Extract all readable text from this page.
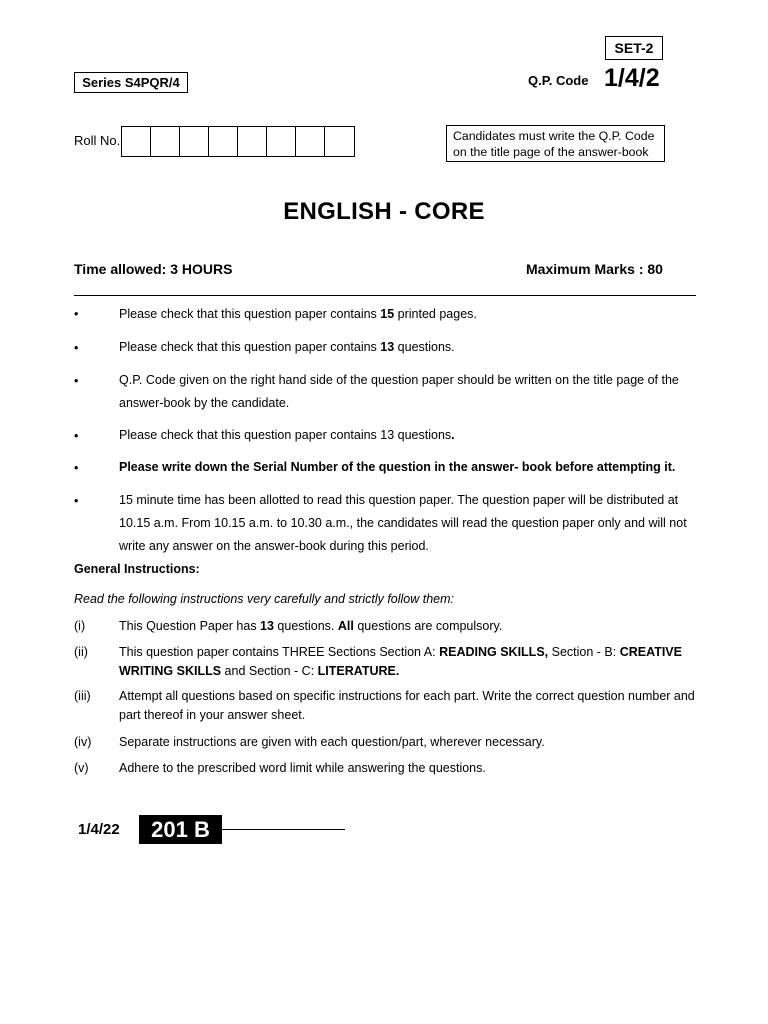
SET-2
Series S4PQR/4	Q.P. Code 1/4/2
Roll No.	Candidates must write the Q.P. Code on the title page of the answer-book
ENGLISH - CORE
Time allowed: 3 HOURS	Maximum Marks : 80
•	Please check that this question paper contains 15 printed pages.
•	Please check that this question paper contains 13 questions.
•	Q.P. Code given on the right hand side of the question paper should be written on the title page of the answer-book by the candidate.
•	Please check that this question paper contains 13 questions.
•	Please write down the Serial Number of the question in the answer- book before attempting it.
•	15 minute time has been allotted to read this question paper. The question paper will be distributed at 10.15 a.m. From 10.15 a.m. to 10.30 a.m., the candidates will read the question paper only and will not write any answer on the answer-book during this period.
General Instructions:
Read the following instructions very carefully and strictly follow them:
(i)	This Question Paper has 13 questions. All questions are compulsory.
(ii) This question paper contains THREE Sections Section A: READING SKILLS, Section - B: CREATIVE WRITING SKILLS and Section - C: LITERATURE.
(iii) Attempt all questions based on specific instructions for each part. Write the correct question number and part thereof in your answer sheet.
(iv) Separate instructions are given with each question/part, wherever necessary.
(v) Adhere to the prescribed word limit while answering the questions.
1/4/22	201 B
